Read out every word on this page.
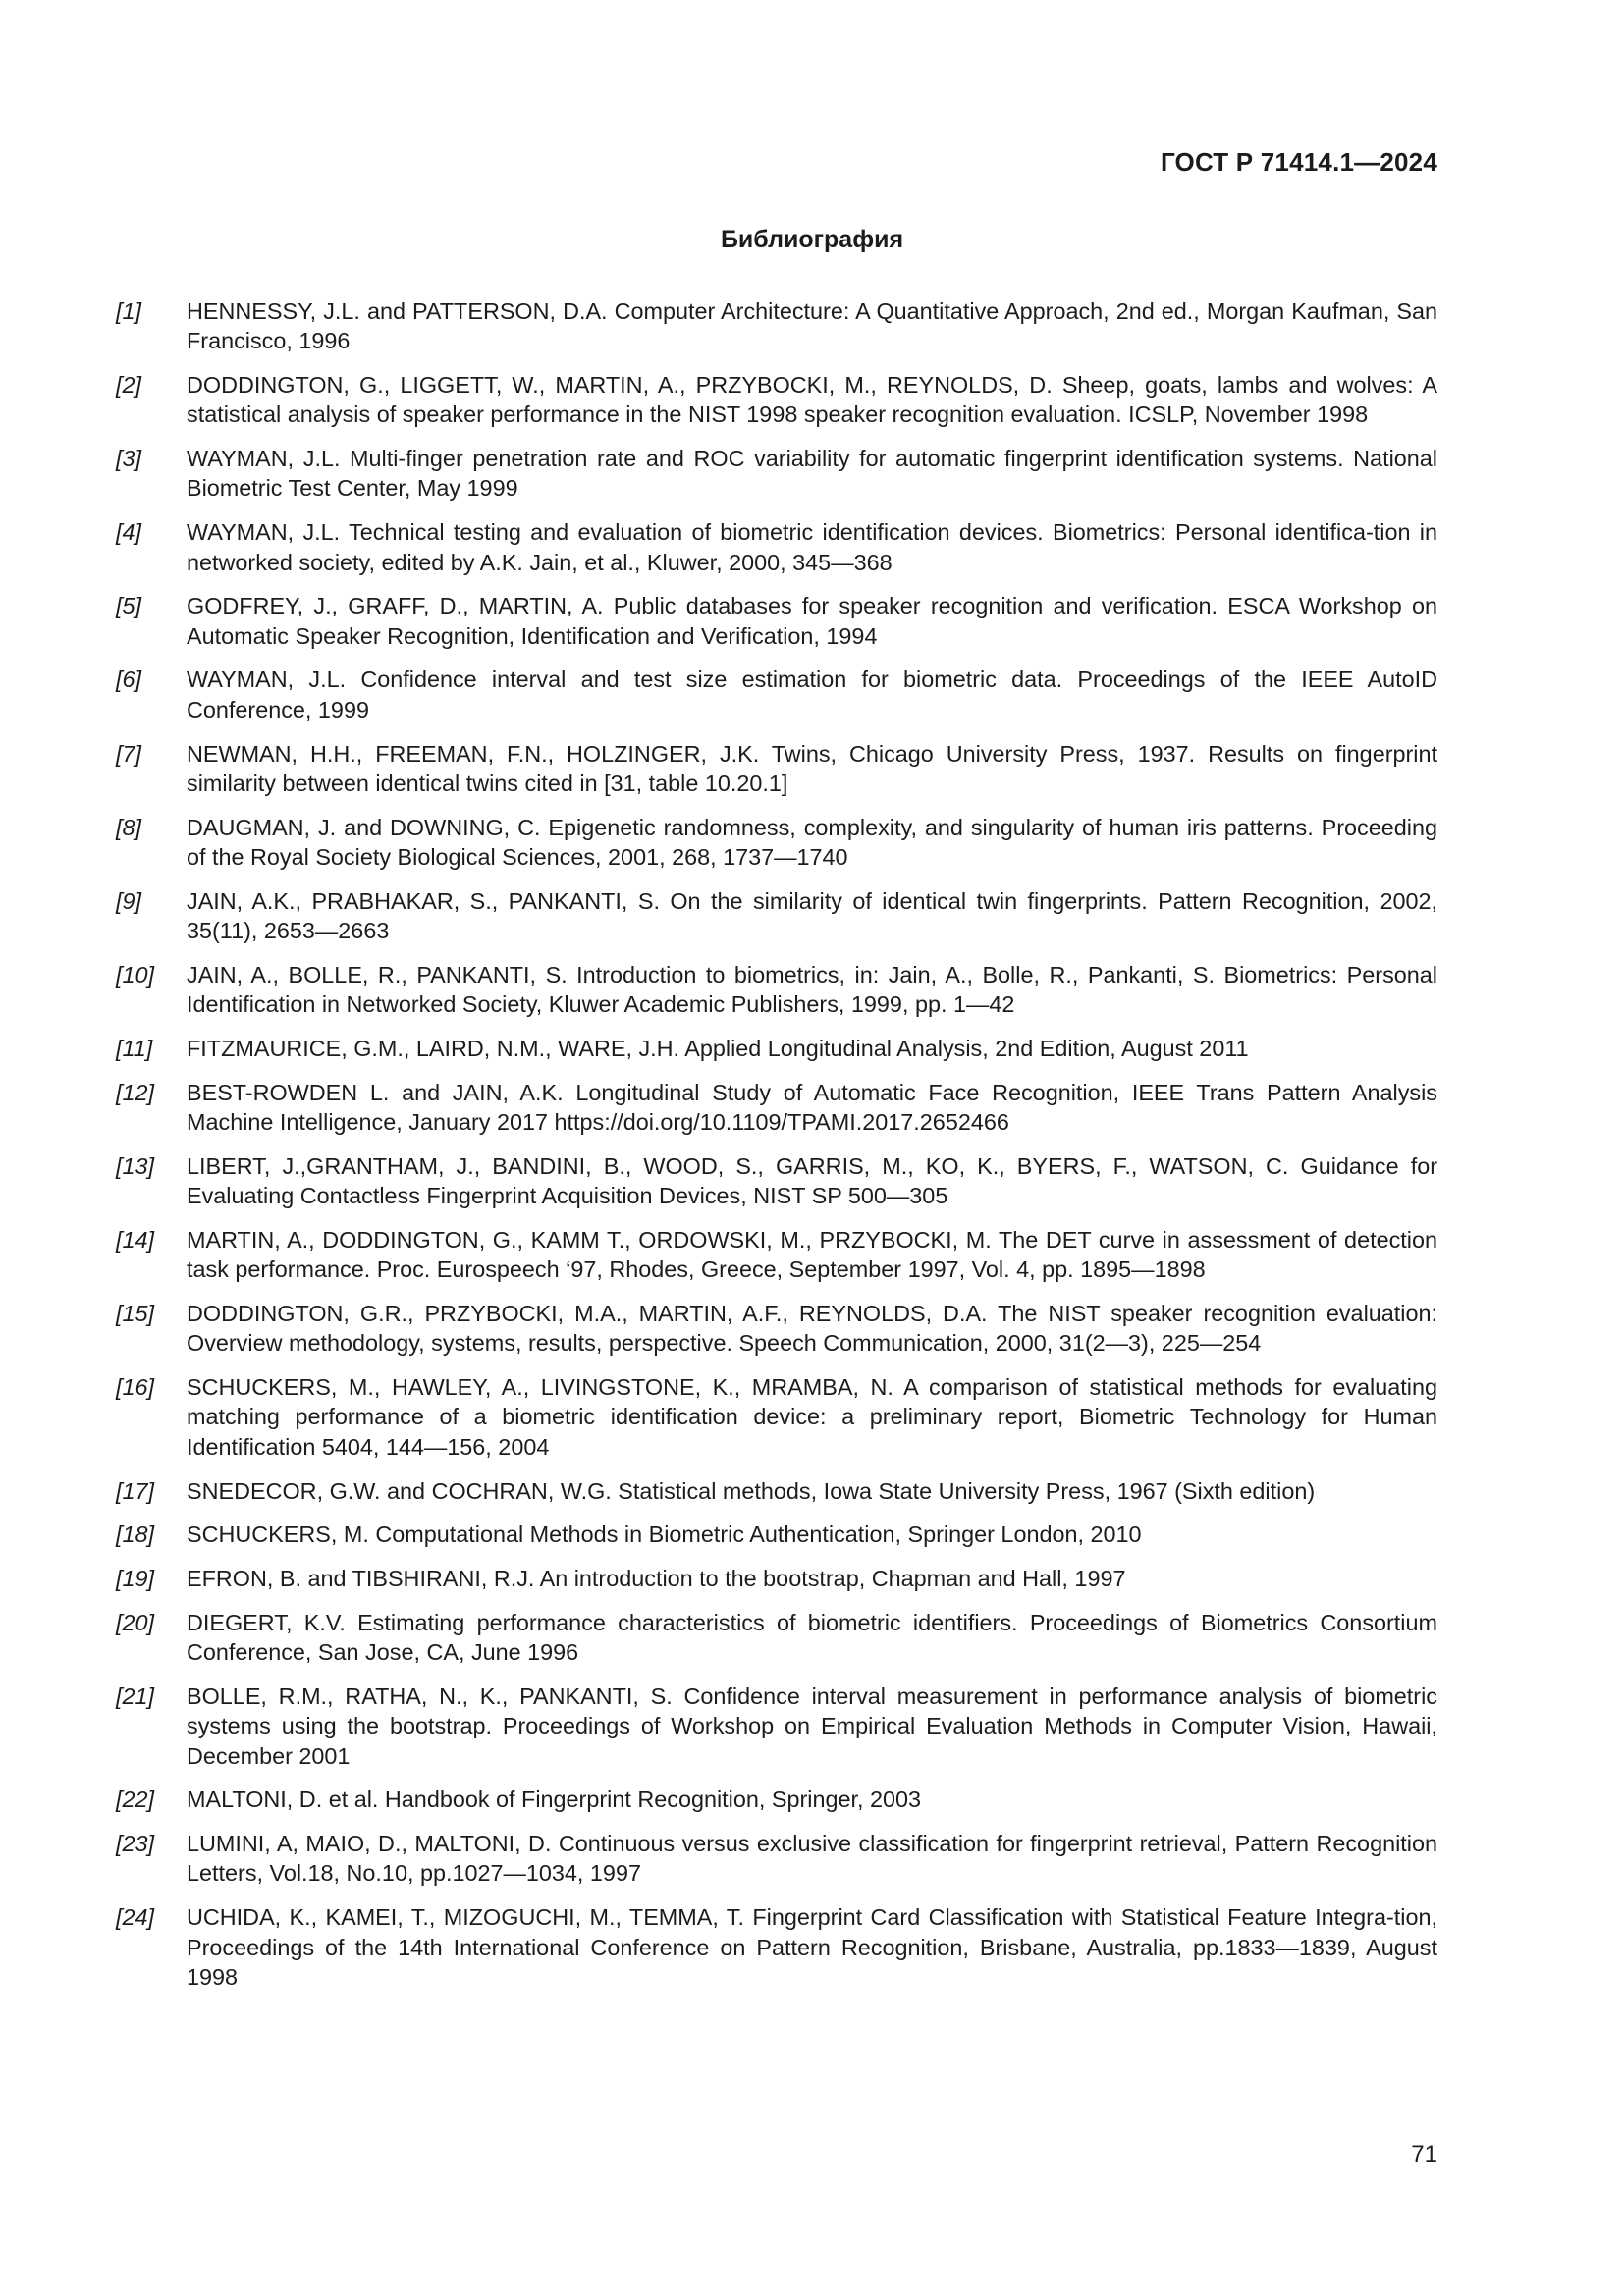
ГОСТ Р 71414.1—2024
Библиография
[1]	HENNESSY, J.L. and PATTERSON, D.A. Computer Architecture: A Quantitative Approach, 2nd ed., Morgan Kaufman, San Francisco, 1996
[2]	DODDINGTON, G., LIGGETT, W., MARTIN, A., PRZYBOCKI, M., REYNOLDS, D. Sheep, goats, lambs and wolves: A statistical analysis of speaker performance in the NIST 1998 speaker recognition evaluation. ICSLP, November 1998
[3]	WAYMAN, J.L. Multi-finger penetration rate and ROC variability for automatic fingerprint identification systems. National Biometric Test Center, May 1999
[4]	WAYMAN, J.L. Technical testing and evaluation of biometric identification devices. Biometrics: Personal identifica-tion in networked society, edited by A.K. Jain, et al., Kluwer, 2000, 345—368
[5]	GODFREY, J., GRAFF, D., MARTIN, A. Public databases for speaker recognition and verification. ESCA Workshop on Automatic Speaker Recognition, Identification and Verification, 1994
[6]	WAYMAN, J.L. Confidence interval and test size estimation for biometric data. Proceedings of the IEEE AutoID Conference, 1999
[7]	NEWMAN, H.H., FREEMAN, F.N., HOLZINGER, J.K. Twins, Chicago University Press, 1937. Results on fingerprint similarity between identical twins cited in [31, table 10.20.1]
[8]	DAUGMAN, J. and DOWNING, C. Epigenetic randomness, complexity, and singularity of human iris patterns. Proceeding of the Royal Society Biological Sciences, 2001, 268, 1737—1740
[9]	JAIN, A.K., PRABHAKAR, S., PANKANTI, S. On the similarity of identical twin fingerprints. Pattern Recognition, 2002, 35(11), 2653—2663
[10]	JAIN, A., BOLLE, R., PANKANTI, S. Introduction to biometrics, in: Jain, A., Bolle, R., Pankanti, S. Biometrics: Personal Identification in Networked Society, Kluwer Academic Publishers, 1999, pp. 1—42
[11]	FITZMAURICE, G.M., LAIRD, N.M., WARE, J.H. Applied Longitudinal Analysis, 2nd Edition, August 2011
[12]	BEST-ROWDEN L. and JAIN, A.K. Longitudinal Study of Automatic Face Recognition, IEEE Trans Pattern Analysis Machine Intelligence, January 2017 https://doi.org/10.1109/TPAMI.2017.2652466
[13]	LIBERT, J.,GRANTHAM, J., BANDINI, B., WOOD, S., GARRIS, M., KO, K., BYERS, F., WATSON, C. Guidance for Evaluating Contactless Fingerprint Acquisition Devices, NIST SP 500—305
[14]	MARTIN, A., DODDINGTON, G., KAMM T., ORDOWSKI, M., PRZYBOCKI, M. The DET curve in assessment of detection task performance. Proc. Eurospeech ‘97, Rhodes, Greece, September 1997, Vol. 4, pp. 1895—1898
[15]	DODDINGTON, G.R., PRZYBOCKI, M.A., MARTIN, A.F., REYNOLDS, D.A. The NIST speaker recognition evaluation: Overview methodology, systems, results, perspective. Speech Communication, 2000, 31(2—3), 225—254
[16]	SCHUCKERS, M., HAWLEY, A., LIVINGSTONE, K., MRAMBA, N. A comparison of statistical methods for evaluating matching performance of a biometric identification device: a preliminary report, Biometric Technology for Human Identification 5404, 144—156, 2004
[17]	SNEDECOR, G.W. and COCHRAN, W.G. Statistical methods, Iowa State University Press, 1967 (Sixth edition)
[18]	SCHUCKERS, M. Computational Methods in Biometric Authentication, Springer London, 2010
[19]	EFRON, B. and TIBSHIRANI, R.J. An introduction to the bootstrap, Chapman and Hall, 1997
[20]	DIEGERT, K.V. Estimating performance characteristics of biometric identifiers. Proceedings of Biometrics Consortium Conference, San Jose, CA, June 1996
[21]	BOLLE, R.M., RATHA, N., K., PANKANTI, S. Confidence interval measurement in performance analysis of biometric systems using the bootstrap. Proceedings of Workshop on Empirical Evaluation Methods in Computer Vision, Hawaii, December 2001
[22]	MALTONI, D. et al. Handbook of Fingerprint Recognition, Springer, 2003
[23]	LUMINI, A, MAIO, D., MALTONI, D. Continuous versus exclusive classification for fingerprint retrieval, Pattern Recognition Letters, Vol.18, No.10, pp.1027—1034, 1997
[24]	UCHIDA, K., KAMEI, T., MIZOGUCHI, M., TEMMA, T. Fingerprint Card Classification with Statistical Feature Integra-tion, Proceedings of the 14th International Conference on Pattern Recognition, Brisbane, Australia, pp.1833—1839, August 1998
71
